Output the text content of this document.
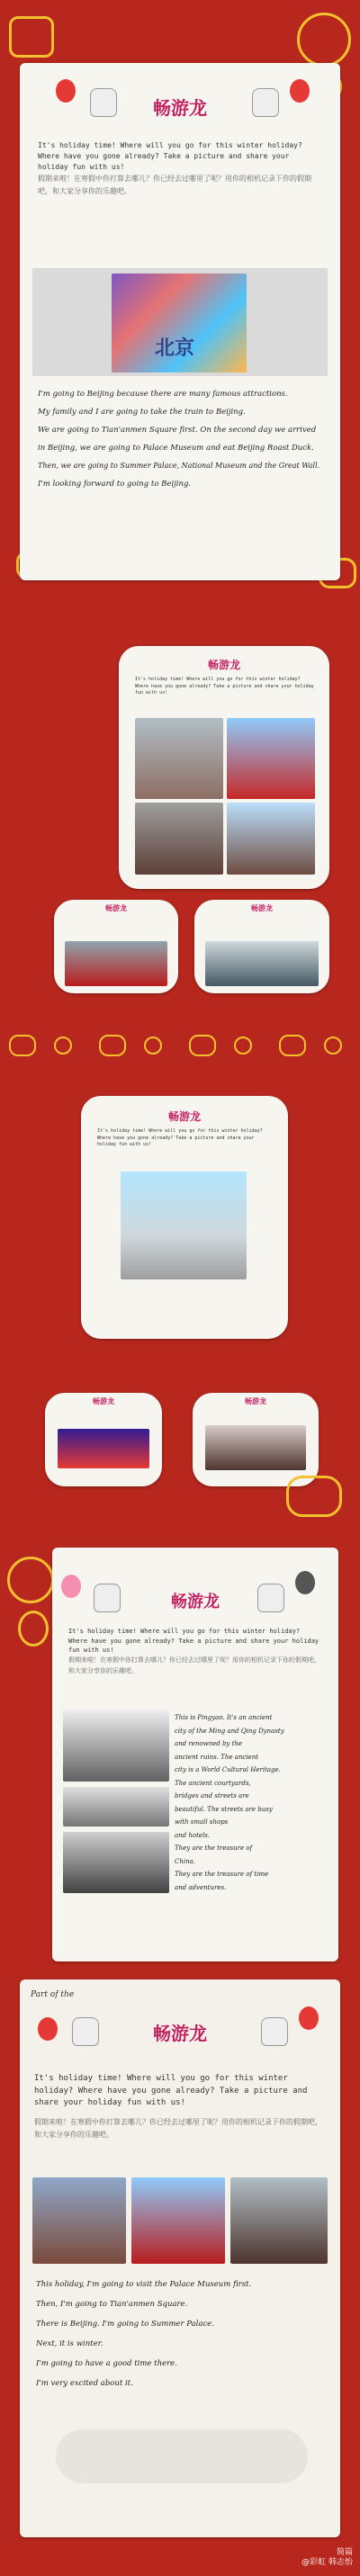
畅游龙
It's holiday time! Where will you go for this winter holiday? Where have you gone already? Take a picture and share your holiday fun with us!
假期来啦！在寒假中你打算去哪儿？你已经去过哪里了呢？用你的相机记录下你的假期吧，和大家分享你的乐趣吧。
北京
I'm going to Beijing because there are many famous attractions.
My family and I are going to take the train to Beijing.
We are going to Tian'anmen Square first. On the second day we arrived
in Beijing, we are going to Palace Museum and eat Beijing Roast Duck.
Then, we are going to Summer Palace, National Museum and the Great Wall.
I'm looking forward to going to Beijing.
畅游龙
It's holiday time! Where will you go for this winter holiday? Where have you gone already? Take a picture and share your holiday fun with us!
畅游龙	畅游龙
畅游龙
It's holiday time! Where will you go for this winter holiday? Where have you gone already? Take a picture and share your holiday fun with us!
畅游龙	畅游龙
畅游龙
It's holiday time! Where will you go for this winter holiday? Where have you gone already? Take a picture and share your holiday fun with us!
假期来啦！在寒假中你打算去哪儿？你已经去过哪里了呢？用你的相机记录下你的假期吧，和大家分享你的乐趣吧。
This is Pingyao. It's an ancient
city of the Ming and Qing Dynasty
and renowned by the
ancient ruins. The ancient
city is a World Cultural Heritage.
The ancient courtyards,
bridges and streets are
beautiful. The streets are busy
with small shops
and hotels.
They are the treasure of
China.
They are the treasure of time
and adventures.
Part of the
畅游龙
It's holiday time! Where will you go for this winter holiday? Where have you gone already? Take a picture and share your holiday fun with us!
假期来啦！在寒假中你打算去哪儿？你已经去过哪里了呢？用你的相机记录下你的假期吧，和大家分享你的乐趣吧。
This holiday, I'm going to visit the Palace Museum first.
Then, I'm going to Tian'anmen Square.
There is Beijing. I'm going to Summer Palace.
Next, it is winter.
I'm going to have a good time there.
I'm very excited about it.
简篇
@彩虹 韩志怡
